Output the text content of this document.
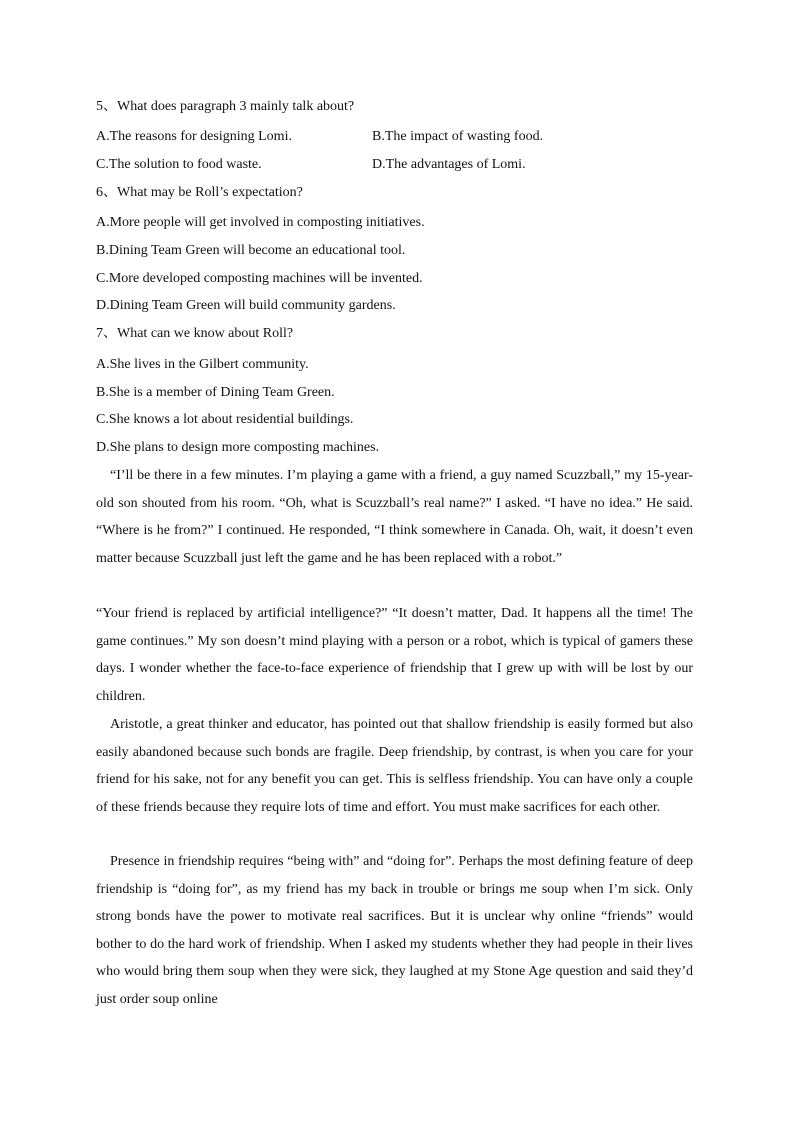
5、What does paragraph 3 mainly talk about?
A.The reasons for designing Lomi.	B.The impact of wasting food.
C.The solution to food waste.	D.The advantages of Lomi.
6、What may be Roll’s expectation?
A.More people will get involved in composting initiatives.
B.Dining Team Green will become an educational tool.
C.More developed composting machines will be invented.
D.Dining Team Green will build community gardens.
7、What can we know about Roll?
A.She lives in the Gilbert community.
B.She is a member of Dining Team Green.
C.She knows a lot about residential buildings.
D.She plans to design more composting machines.

“I’ll be there in a few minutes. I’m playing a game with a friend, a guy named Scuzzball,” my 15-year-old son shouted from his room. “Oh, what is Scuzzball’s real name?” I asked. “I have no idea.” He said. “Where is he from?” I continued. He responded, “I think somewhere in Canada. Oh, wait, it doesn’t even matter because Scuzzball just left the game and he has been replaced with a robot.”

“Your friend is replaced by artificial intelligence?” “It doesn’t matter, Dad. It happens all the time! The game continues.” My son doesn’t mind playing with a person or a robot, which is typical of gamers these days. I wonder whether the face-to-face experience of friendship that I grew up with will be lost by our children.

Aristotle, a great thinker and educator, has pointed out that shallow friendship is easily formed but also easily abandoned because such bonds are fragile. Deep friendship, by contrast, is when you care for your friend for his sake, not for any benefit you can get. This is selfless friendship. You can have only a couple of these friends because they require lots of time and effort. You must make sacrifices for each other.

Presence in friendship requires “being with” and “doing for”. Perhaps the most defining feature of deep friendship is “doing for”, as my friend has my back in trouble or brings me soup when I’m sick. Only strong bonds have the power to motivate real sacrifices. But it is unclear why online “friends” would bother to do the hard work of friendship. When I asked my students whether they had people in their lives who would bring them soup when they were sick, they laughed at my Stone Age question and said they’d just order soup online
